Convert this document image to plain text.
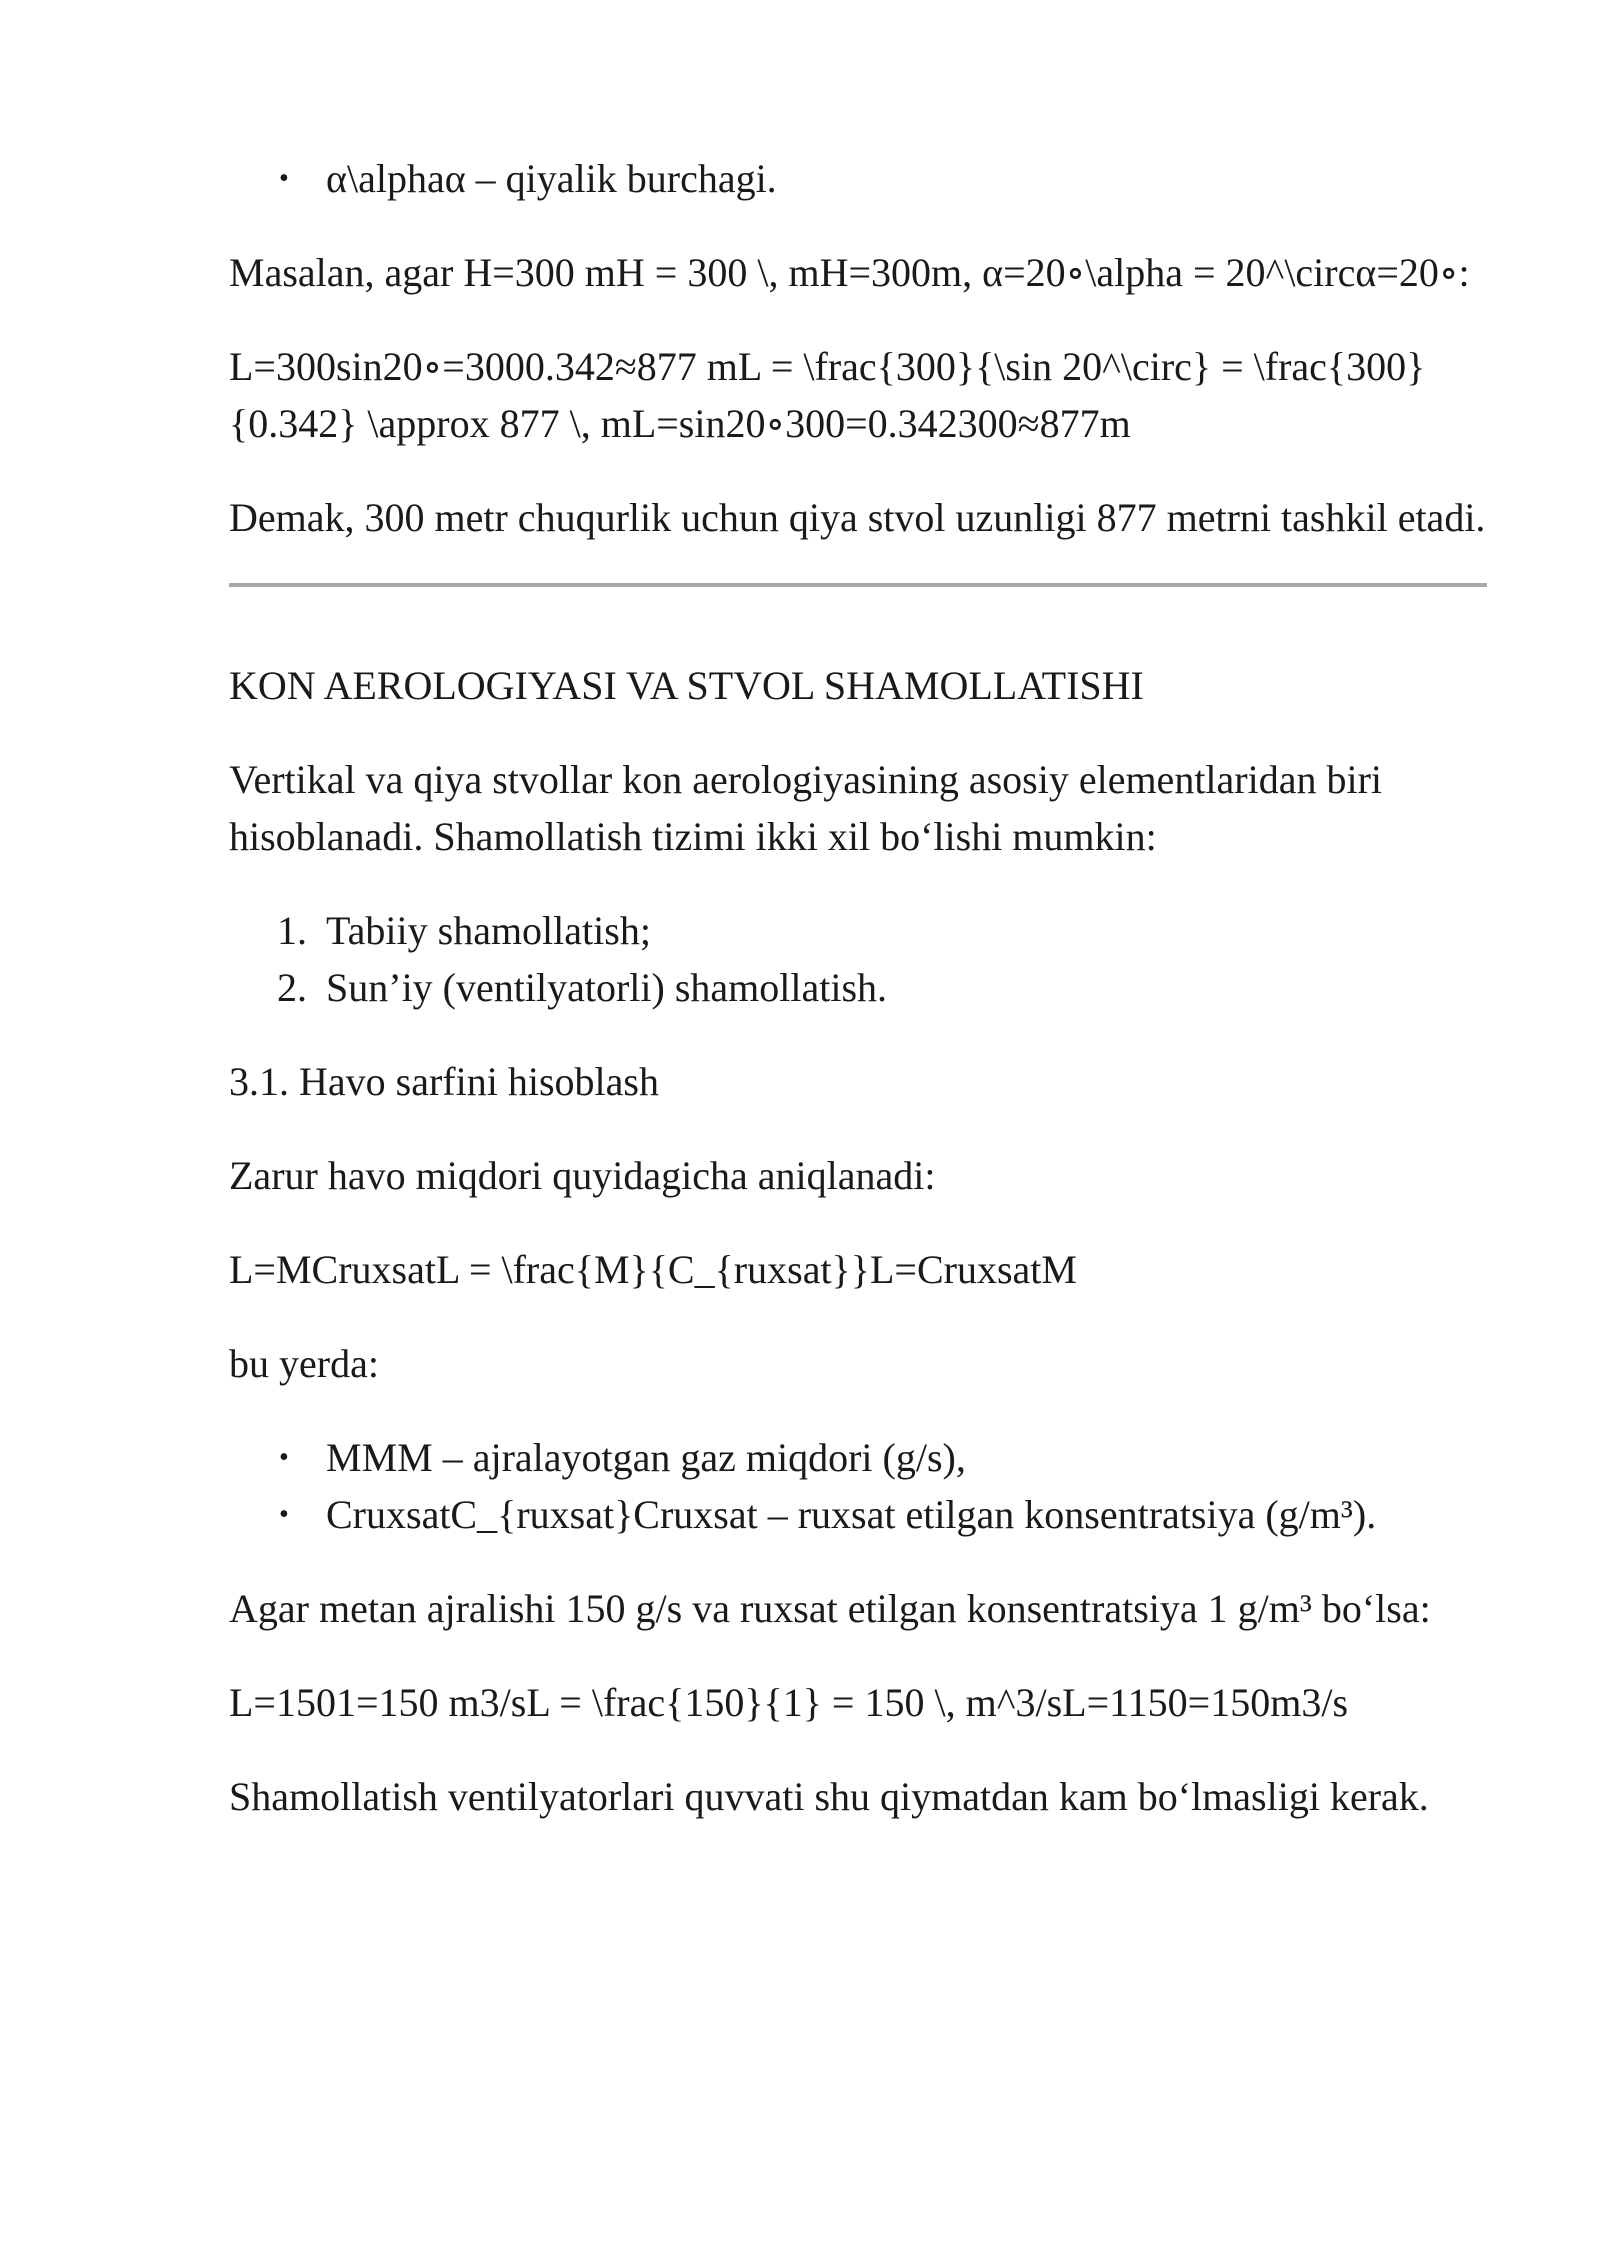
• α\alphaα – qiyalik burchagi.

Masalan, agar H=300 mH = 300 \, mH=300m, α=20∘\alpha = 20^\circα=20∘:

L=300sin20∘=3000.342≈877 mL = \frac{300}{\sin 20^\circ} = \frac{300}{0.342} \approx 877 \, mL=sin20∘300=0.342300≈877m

Demak, 300 metr chuqurlik uchun qiya stvol uzunligi 877 metrni tashkil etadi.

KON AEROLOGIYASI VA STVOL SHAMOLLATISHI

Vertikal va qiya stvollar kon aerologiyasining asosiy elementlaridan biri hisoblanadi. Shamollatish tizimi ikki xil bo‘lishi mumkin:

1. Tabiiy shamollatish;
2. Sun’iy (ventilyatorli) shamollatish.

3.1. Havo sarfini hisoblash

Zarur havo miqdori quyidagicha aniqlanadi:

L=MCruxsatL = \frac{M}{C_{ruxsat}}L=CruxsatM

bu yerda:

• MMM – ajralayotgan gaz miqdori (g/s),
• CruxsatC_{ruxsat}Cruxsat – ruxsat etilgan konsentratsiya (g/m³).

Agar metan ajralishi 150 g/s va ruxsat etilgan konsentratsiya 1 g/m³ bo‘lsa:

L=1501=150 m3/sL = \frac{150}{1} = 150 \, m^3/sL=1150=150m3/s

Shamollatish ventilyatorlari quvvati shu qiymatdan kam bo‘lmasligi kerak.
